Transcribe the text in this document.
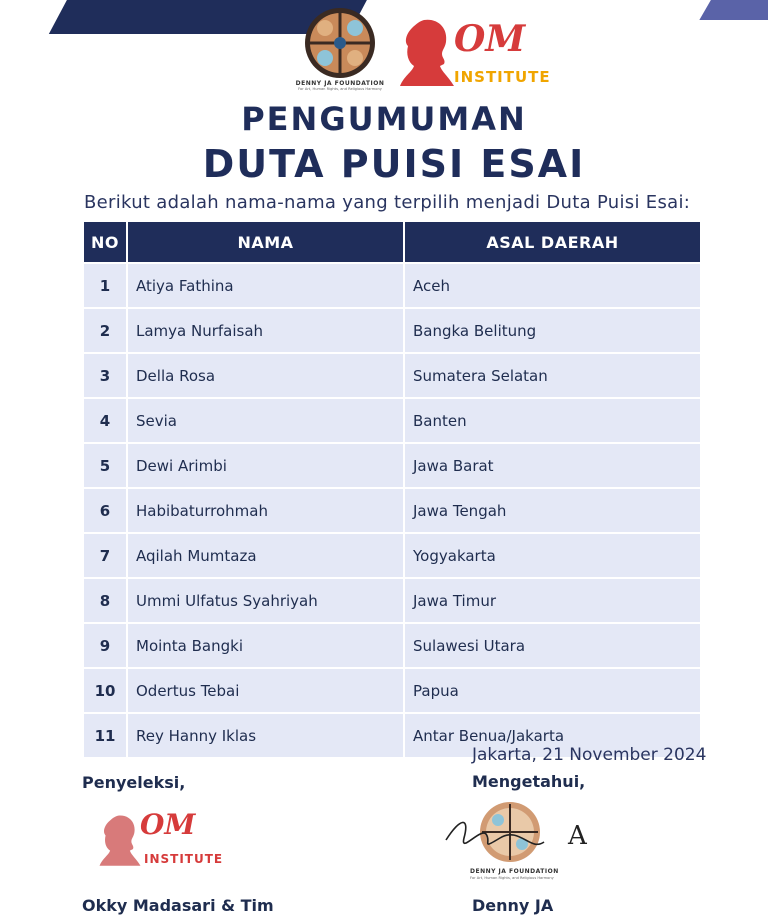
DENNY JA FOUNDATION
For Art, Human Rights, and Religious Harmony
OM
INSTITUTE
PENGUMUMAN
DUTA PUISI ESAI
Berikut adalah nama-nama yang terpilih menjadi Duta Puisi Esai:
NO	NAMA	ASAL DAERAH
1	Atiya Fathina	Aceh
2	Lamya Nurfaisah	Bangka Belitung
3	Della Rosa	Sumatera Selatan
4	Sevia	Banten
5	Dewi Arimbi	Jawa Barat
6	Habibaturrohmah	Jawa Tengah
7	Aqilah Mumtaza	Yogyakarta
8	Ummi Ulfatus Syahriyah	Jawa Timur
9	Mointa Bangki	Sulawesi Utara
10	Odertus Tebai	Papua
11	Rey Hanny Iklas	Antar Benua/Jakarta
Jakarta, 21 November 2024
Penyeleksi,	Mengetahui,
OM
INSTITUTE
A
DENNY JA FOUNDATION
For Art, Human Rights, and Religious Harmony
Okky Madasari & Tim	Denny JA
